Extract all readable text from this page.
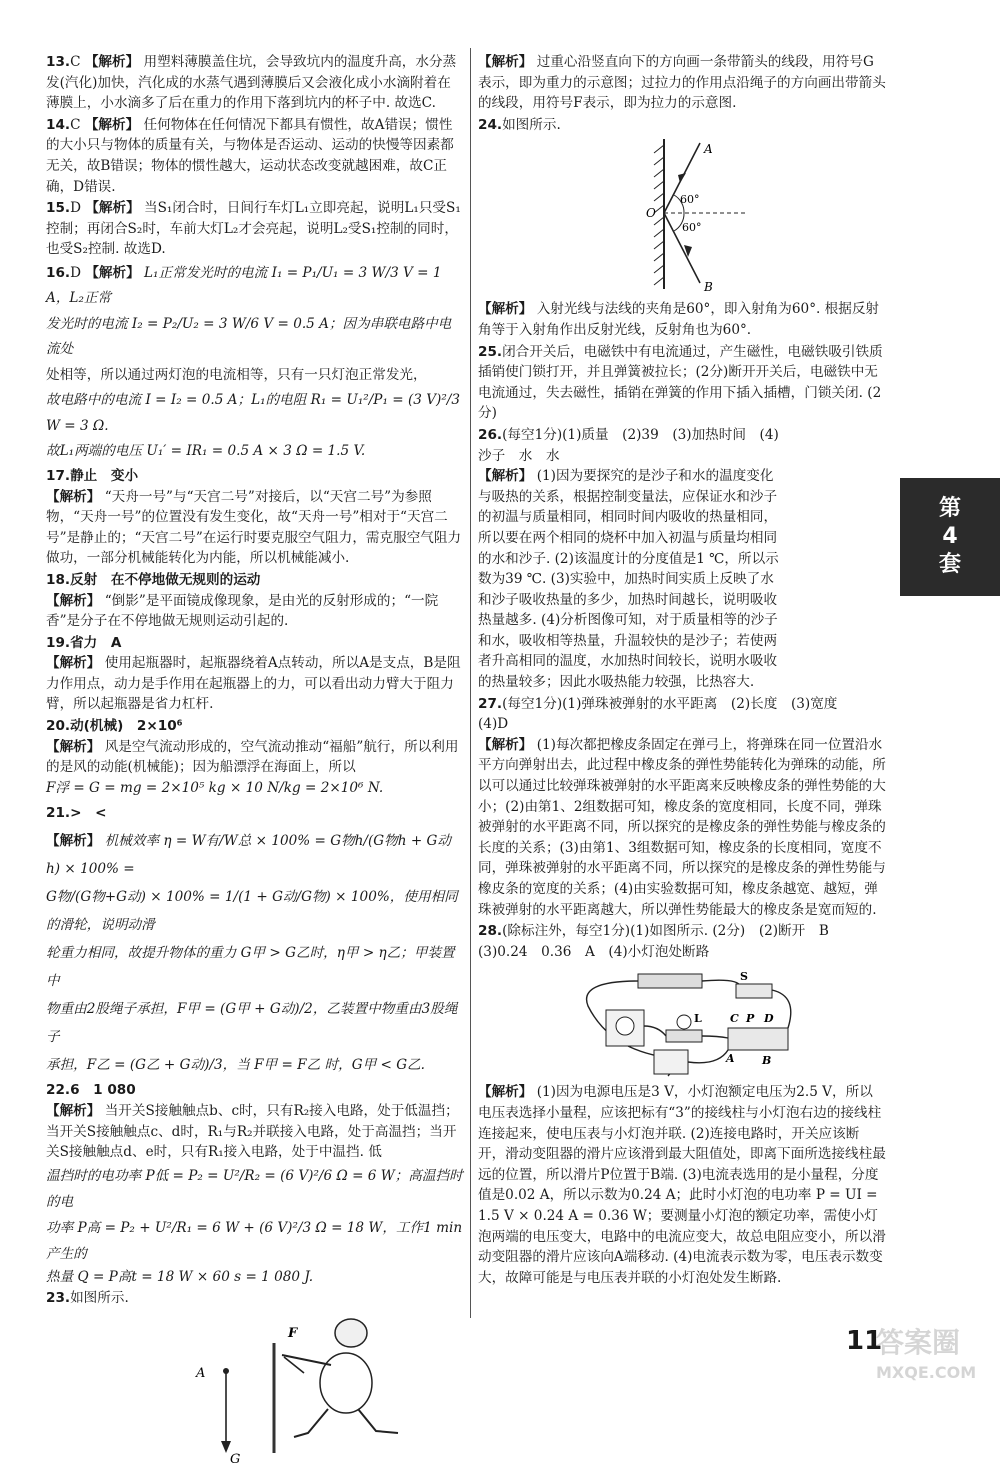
13.C 【解析】 用塑料薄膜盖住坑，会导致坑内的温度升高，水分蒸发(汽化)加快，汽化成的水蒸气遇到薄膜后又会液化成小水滴附着在薄膜上，小水滴多了后在重力的作用下落到坑内的杯子中. 故选C.
14.C 【解析】 任何物体在任何情况下都具有惯性，故A错误；惯性的大小只与物体的质量有关，与物体是否运动、运动的快慢等因素都无关，故B错误；物体的惯性越大，运动状态改变就越困难，故C正确，D错误.
15.D 【解析】 当S₁闭合时，日间行车灯L₁立即亮起，说明L₁只受S₁控制；再闭合S₂时，车前大灯L₂才会亮起，说明L₂受S₁控制的同时，也受S₂控制. 故选D.
16.D 【解析】 L₁正常发光时的电流 I₁ = P₁/U₁ = 3 W/3 V = 1 A，L₂正常
发光时的电流 I₂ = P₂/U₂ = 3 W/6 V = 0.5 A；因为串联电路中电流处
处相等，所以通过两灯泡的电流相等，只有一只灯泡正常发光，
故电路中的电流 I = I₂ = 0.5 A；L₁的电阻 R₁ = U₁²/P₁ = (3 V)²/3 W = 3 Ω.
故L₁两端的电压 U₁′ = IR₁ = 0.5 A × 3 Ω = 1.5 V.
17.静止　变小
【解析】 “天舟一号”与“天宫二号”对接后，以“天宫二号”为参照物，“天舟一号”的位置没有发生变化，故“天舟一号”相对于“天宫二号”是静止的；“天宫二号”在运行时要克服空气阻力，需克服空气阻力做功，一部分机械能转化为内能，所以机械能减小.
18.反射　在不停地做无规则的运动
【解析】 “倒影”是平面镜成像现象，是由光的反射形成的；“一院香”是分子在不停地做无规则运动引起的.
19.省力　A
【解析】 使用起瓶器时，起瓶器绕着A点转动，所以A是支点，B是阻力作用点，动力是手作用在起瓶器上的力，可以看出动力臂大于阻力臂，所以起瓶器是省力杠杆.
20.动(机械)　2×10⁶
【解析】 风是空气流动形成的，空气流动推动“福船”航行，所以利用的是风的动能(机械能)；因为船漂浮在海面上，所以
F浮 = G = mg = 2×10⁵ kg × 10 N/kg = 2×10⁶ N.
21.>　<
【解析】 机械效率 η = W有/W总 × 100% = G物h/(G物h + G动h) × 100% =
G物/(G物+G动) × 100% = 1/(1 + G动/G物) × 100%，使用相同的滑轮，说明动滑
轮重力相同，故提升物体的重力 G甲 > G乙时，η甲 > η乙；甲装置中
物重由2股绳子承担，F甲 = (G甲 + G动)/2，乙装置中物重由3股绳子
承担，F乙 = (G乙 + G动)/3，当 F甲 = F乙 时，G甲 < G乙.
22.6　1 080
【解析】 当开关S接触触点b、c时，只有R₂接入电路，处于低温挡；当开关S接触触点c、d时，R₁与R₂并联接入电路，处于高温挡；当开关S接触触点d、e时，只有R₁接入电路，处于中温挡. 低
温挡时的电功率 P低 = P₂ = U²/R₂ = (6 V)²/6 Ω = 6 W；高温挡时的电
功率 P高 = P₂ + U²/R₁ = 6 W + (6 V)²/3 Ω = 18 W，工作1 min产生的
热量 Q = P高t = 18 W × 60 s = 1 080 J.
23.如图所示.
A
G
F
【解析】 过重心沿竖直向下的方向画一条带箭头的线段，用符号G表示，即为重力的示意图；过拉力的作用点沿绳子的方向画出带箭头的线段，用符号F表示，即为拉力的示意图.
24.如图所示.
A
B
O
60°
60°
【解析】 入射光线与法线的夹角是60°，即入射角为60°. 根据反射角等于入射角作出反射光线，反射角也为60°.
25.闭合开关后，电磁铁中有电流通过，产生磁性，电磁铁吸引铁质插销使门锁打开，并且弹簧被拉长；(2分)断开开关后，电磁铁中无电流通过，失去磁性，插销在弹簧的作用下插入插槽，门锁关闭. (2分)
26.(每空1分)(1)质量　(2)39　(3)加热时间　(4)沙子　水　水
【解析】 (1)因为要探究的是沙子和水的温度变化与吸热的关系，根据控制变量法，应保证水和沙子的初温与质量相同，相同时间内吸收的热量相同，所以要在两个相同的烧杯中加入初温与质量均相同的水和沙子. (2)该温度计的分度值是1 ℃，所以示数为39 ℃. (3)实验中，加热时间实质上反映了水和沙子吸收热量的多少，加热时间越长，说明吸收热量越多. (4)分析图像可知，对于质量相等的沙子和水，吸收相等热量，升温较快的是沙子；若使两者升高相同的温度，水加热时间较长，说明水吸收的热量较多；因此水吸热能力较强，比热容大.
27.(每空1分)(1)弹珠被弹射的水平距离　(2)长度　(3)宽度
(4)D
【解析】 (1)每次都把橡皮条固定在弹弓上，将弹珠在同一位置沿水平方向弹射出去，此过程中橡皮条的弹性势能转化为弹珠的动能，所以可以通过比较弹珠被弹射的水平距离来反映橡皮条的弹性势能的大小；(2)由第1、2组数据可知，橡皮条的宽度相同，长度不同，弹珠被弹射的水平距离不同，所以探究的是橡皮条的弹性势能与橡皮条的长度的关系；(3)由第1、3组数据可知，橡皮条的长度相同，宽度不同，弹珠被弹射的水平距离不同，所以探究的是橡皮条的弹性势能与橡皮条的宽度的关系；(4)由实验数据可知，橡皮条越宽、越短，弹珠被弹射的水平距离越大，所以弹性势能最大的橡皮条是宽而短的.
28.(除标注外，每空1分)(1)如图所示. (2分)　(2)断开　B
(3)0.24　0.36　A　(4)小灯泡处断路
S
L	C P D
A B
【解析】 (1)因为电源电压是3 V，小灯泡额定电压为2.5 V，所以电压表选择小量程，应该把标有“3”的接线柱与小灯泡右边的接线柱连接起来，使电压表与小灯泡并联. (2)连接电路时，开关应该断开，滑动变阻器的滑片应该滑到最大阻值处，即离下面所选接线柱最远的位置，所以滑片P位置于B端. (3)电流表选用的是小量程，分度值是0.02 A，所以示数为0.24 A；此时小灯泡的电功率 P = UI = 1.5 V × 0.24 A = 0.36 W；要测量小灯泡的额定功率，需使小灯泡两端的电压变大，电路中的电流应变大，故总电阻应变小，所以滑动变阻器的滑片应该向A端移动. (4)电流表示数为零，电压表示数变大，故障可能是与电压表并联的小灯泡处发生断路.
第
4
套
11
答案圈
MXQE.COM
